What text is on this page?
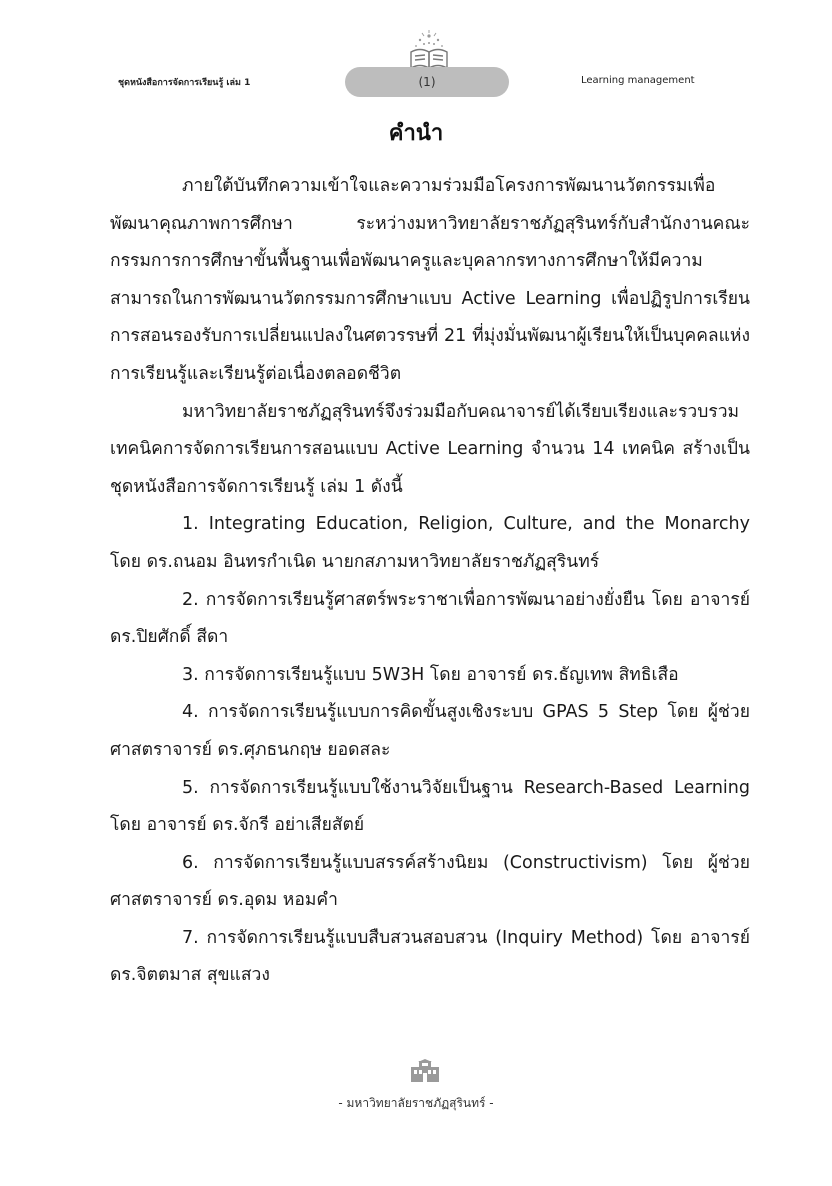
ชุดหนังสือการจัดการเรียนรู้ เล่ม 1	(1)	Learning management
คำนำ

ภายใต้บันทึกความเข้าใจและความร่วมมือโครงการพัฒนานวัตกรรมเพื่อพัฒนาคุณภาพการศึกษา ระหว่างมหาวิทยาลัยราชภัฏสุรินทร์กับสำนักงานคณะกรรมการการศึกษาขั้นพื้นฐานเพื่อพัฒนาครูและบุคลากรทางการศึกษาให้มีความสามารถในการพัฒนานวัตกรรมการศึกษาแบบ Active Learning เพื่อปฏิรูปการเรียนการสอนรองรับการเปลี่ยนแปลงในศตวรรษที่ 21 ที่มุ่งมั่นพัฒนาผู้เรียนให้เป็นบุคคลแห่งการเรียนรู้และเรียนรู้ต่อเนื่องตลอดชีวิต

มหาวิทยาลัยราชภัฏสุรินทร์จึงร่วมมือกับคณาจารย์ได้เรียบเรียงและรวบรวมเทคนิคการจัดการเรียนการสอนแบบ Active Learning จำนวน 14 เทคนิค สร้างเป็นชุดหนังสือการจัดการเรียนรู้ เล่ม 1 ดังนี้

1. Integrating Education, Religion, Culture, and the Monarchy โดย ดร.ถนอม อินทรกำเนิด นายกสภามหาวิทยาลัยราชภัฏสุรินทร์

2. การจัดการเรียนรู้ศาสตร์พระราชาเพื่อการพัฒนาอย่างยั่งยืน โดย อาจารย์ ดร.ปิยศักดิ์ สีดา

3. การจัดการเรียนรู้แบบ 5W3H โดย อาจารย์ ดร.ธัญเทพ สิทธิเสือ

4. การจัดการเรียนรู้แบบการคิดขั้นสูงเชิงระบบ GPAS 5 Step โดย ผู้ช่วยศาสตราจารย์ ดร.ศุภธนกฤษ ยอดสละ

5. การจัดการเรียนรู้แบบใช้งานวิจัยเป็นฐาน Research-Based Learning โดย อาจารย์ ดร.จักรี อย่าเสียสัตย์

6. การจัดการเรียนรู้แบบสรรค์สร้างนิยม (Constructivism) โดย ผู้ช่วยศาสตราจารย์ ดร.อุดม หอมคำ

7. การจัดการเรียนรู้แบบสืบสวนสอบสวน (Inquiry Method) โดย อาจารย์ ดร.จิตตมาส สุขแสวง

- มหาวิทยาลัยราชภัฏสุรินทร์ -
